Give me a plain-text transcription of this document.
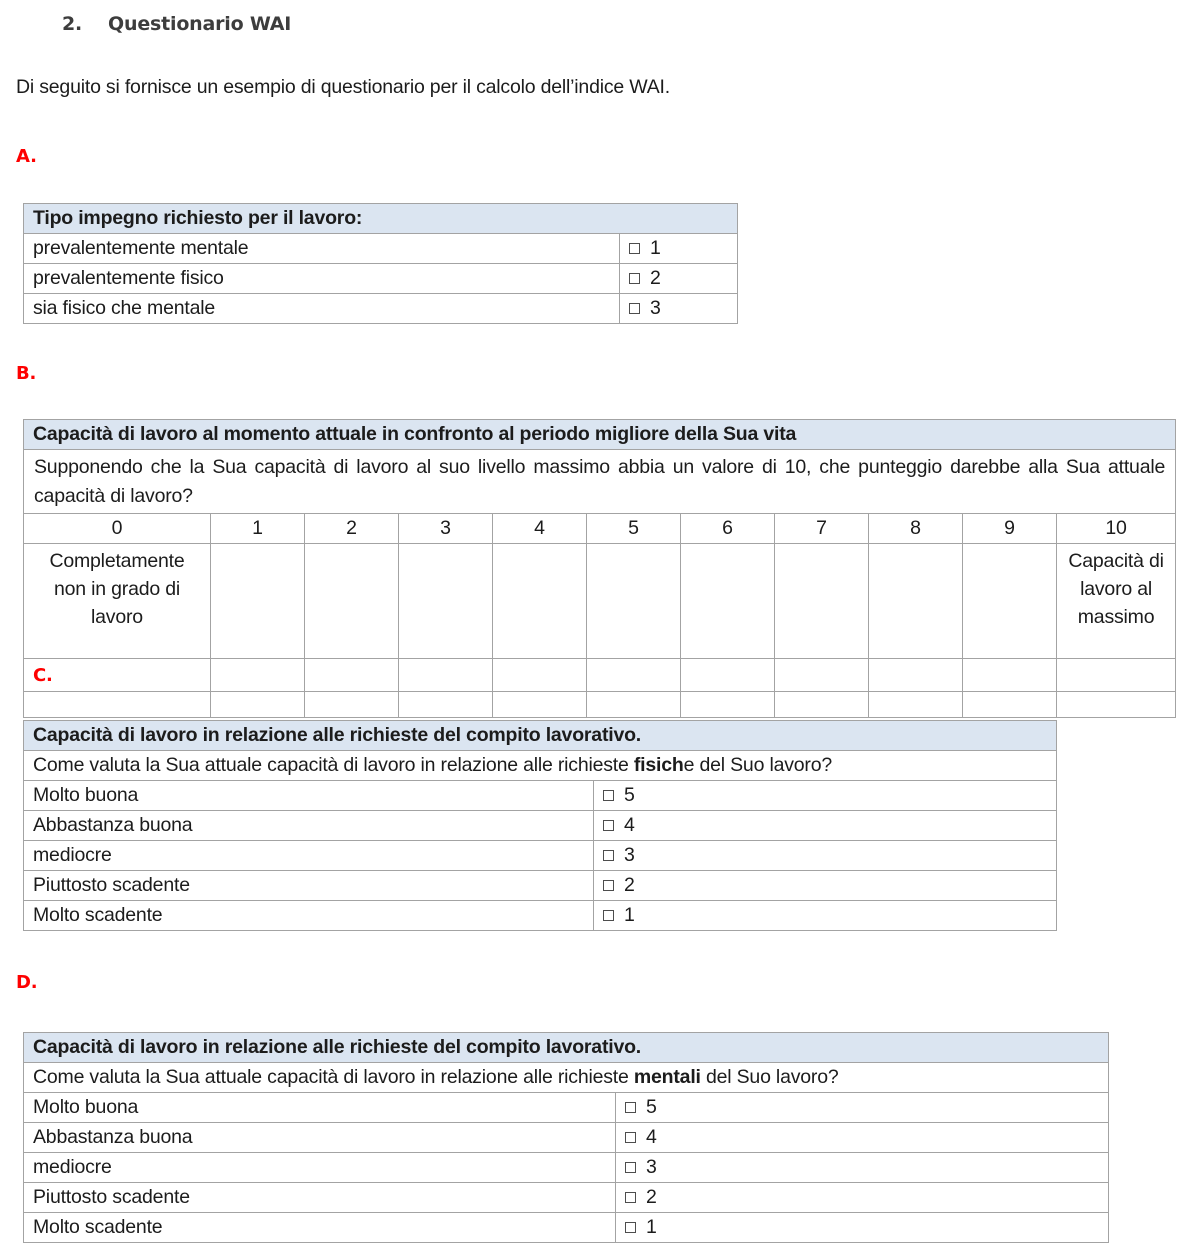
2. Questionario WAI

Di seguito si fornisce un esempio di questionario per il calcolo dell’indice WAI.

A.
Tipo impegno richiesto per il lavoro:	
prevalentemente mentale	1
prevalentemente fisico	2
sia fisico che mentale	3
B.
Capacità di lavoro al momento attuale in confronto al periodo migliore della Sua vita										
Supponendo che la Sua capacità di lavoro al suo livello massimo abbia un valore di 10, che punteggio darebbe alla Sua attuale capacità di lavoro?										
0	1	2	3	4	5	6	7	8	9	10
Completamente non in grado di lavoro										Capacità di lavoro al massimo
C.										

Capacità di lavoro in relazione alle richieste del compito lavorativo.	
Come valuta la Sua attuale capacità di lavoro in relazione alle richieste fisiche del Suo lavoro?	
Molto buona	5
Abbastanza buona	4
mediocre	3
Piuttosto scadente	2
Molto scadente	1
D.
Capacità di lavoro in relazione alle richieste del compito lavorativo.	
Come valuta la Sua attuale capacità di lavoro in relazione alle richieste mentali del Suo lavoro?	
Molto buona	5
Abbastanza buona	4
mediocre	3
Piuttosto scadente	2
Molto scadente	1
